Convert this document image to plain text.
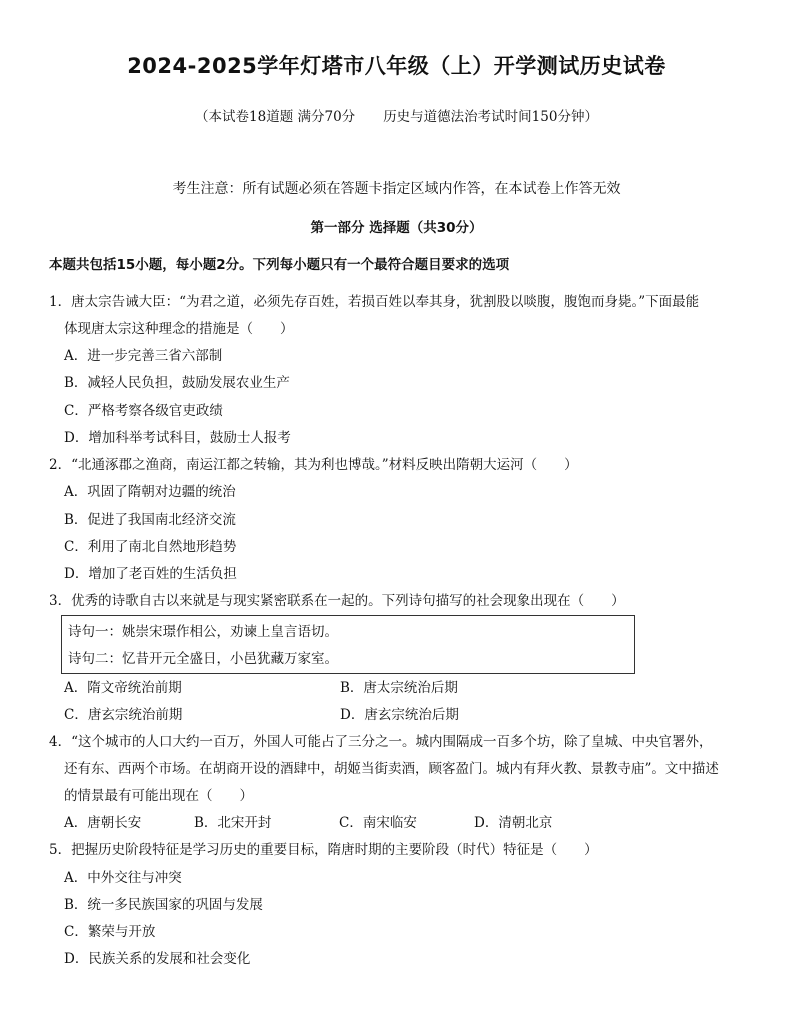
2024-2025学年灯塔市八年级（上）开学测试历史试卷
（本试卷18道题 满分70分 历史与道德法治考试时间150分钟）
考生注意：所有试题必须在答题卡指定区域内作答，在本试卷上作答无效
第一部分 选择题（共30分）
本题共包括15小题，每小题2分。下列每小题只有一个最符合题目要求的选项
1．唐太宗告诫大臣：“为君之道，必须先存百姓，若损百姓以奉其身，犹割股以啖腹，腹饱而身毙。”下面最能
体现唐太宗这种理念的措施是（　　）
A．进一步完善三省六部制
B．减轻人民负担，鼓励发展农业生产
C．严格考察各级官吏政绩
D．增加科举考试科目，鼓励士人报考
2．“北通涿郡之渔商，南运江都之转输，其为利也博哉。”材料反映出隋朝大运河（　　）
A．巩固了隋朝对边疆的统治
B．促进了我国南北经济交流
C．利用了南北自然地形趋势
D．增加了老百姓的生活负担
3．优秀的诗歌自古以来就是与现实紧密联系在一起的。下列诗句描写的社会现象出现在（　　）
诗句一：姚崇宋璟作相公，劝谏上皇言语切。
诗句二：忆昔开元全盛日，小邑犹藏万家室。
A．隋文帝统治前期	B．唐太宗统治后期
C．唐玄宗统治前期	D．唐玄宗统治后期
4．“这个城市的人口大约一百万，外国人可能占了三分之一。城内围隔成一百多个坊，除了皇城、中央官署外，
还有东、西两个市场。在胡商开设的酒肆中，胡姬当街卖酒，顾客盈门。城内有拜火教、景教寺庙”。文中描述
的情景最有可能出现在（　　）
A．唐朝长安	B．北宋开封	C．南宋临安	D．清朝北京
5．把握历史阶段特征是学习历史的重要目标，隋唐时期的主要阶段（时代）特征是（　　）
A．中外交往与冲突
B．统一多民族国家的巩固与发展
C．繁荣与开放
D．民族关系的发展和社会变化
